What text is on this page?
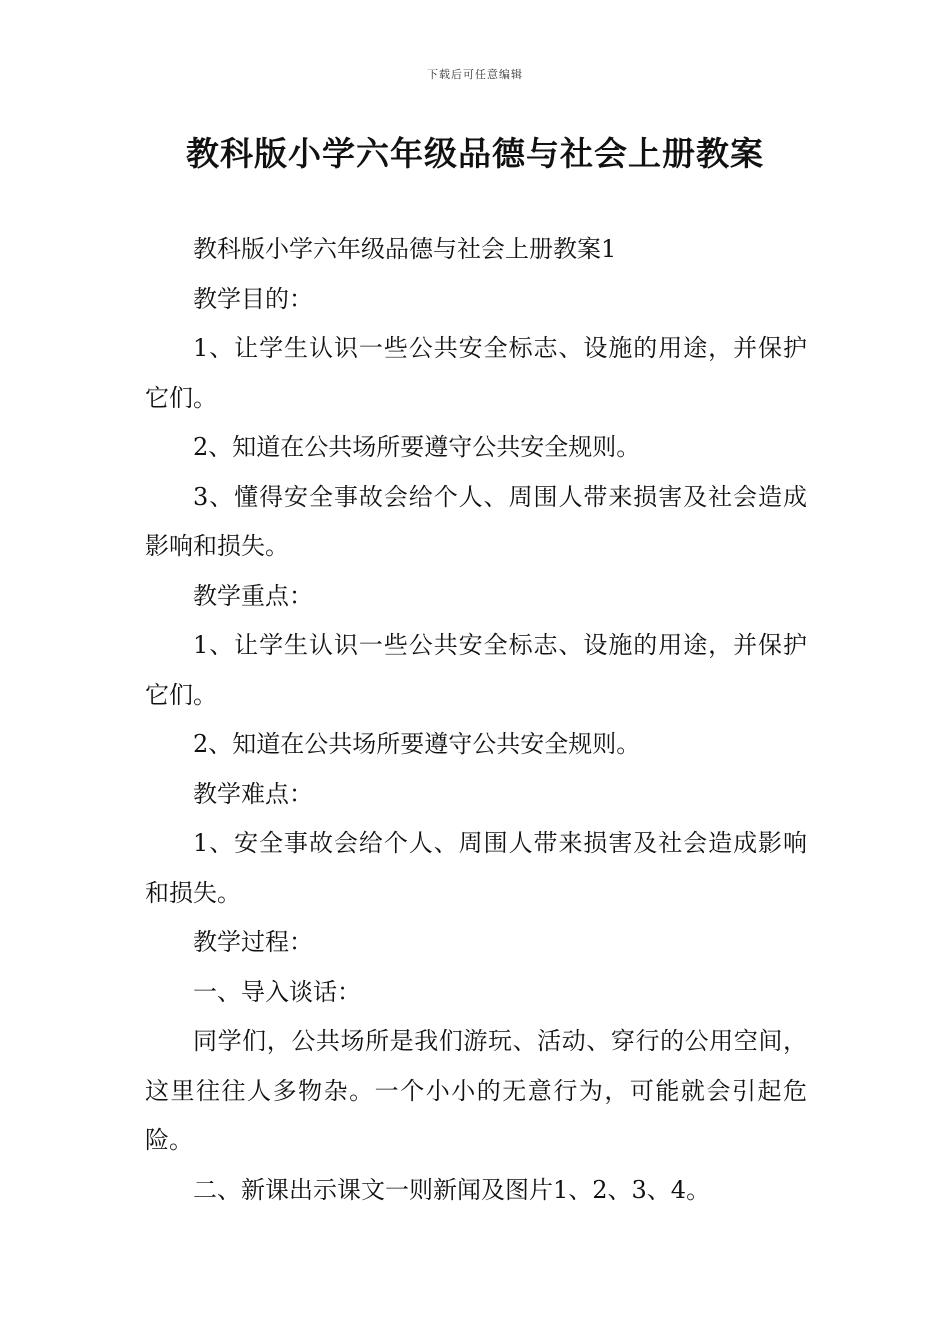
下载后可任意编辑
教科版小学六年级品德与社会上册教案

教科版小学六年级品德与社会上册教案1

教学目的：

1、让学生认识一些公共安全标志、设施的用途，并保护它们。

2、知道在公共场所要遵守公共安全规则。

3、懂得安全事故会给个人、周围人带来损害及社会造成影响和损失。

教学重点：

1、让学生认识一些公共安全标志、设施的用途，并保护它们。

2、知道在公共场所要遵守公共安全规则。

教学难点：

1、安全事故会给个人、周围人带来损害及社会造成影响和损失。

教学过程：

一、导入谈话：

同学们，公共场所是我们游玩、活动、穿行的公用空间，这里往往人多物杂。一个小小的无意行为，可能就会引起危险。

二、新课出示课文一则新闻及图片1、2、3、4。
